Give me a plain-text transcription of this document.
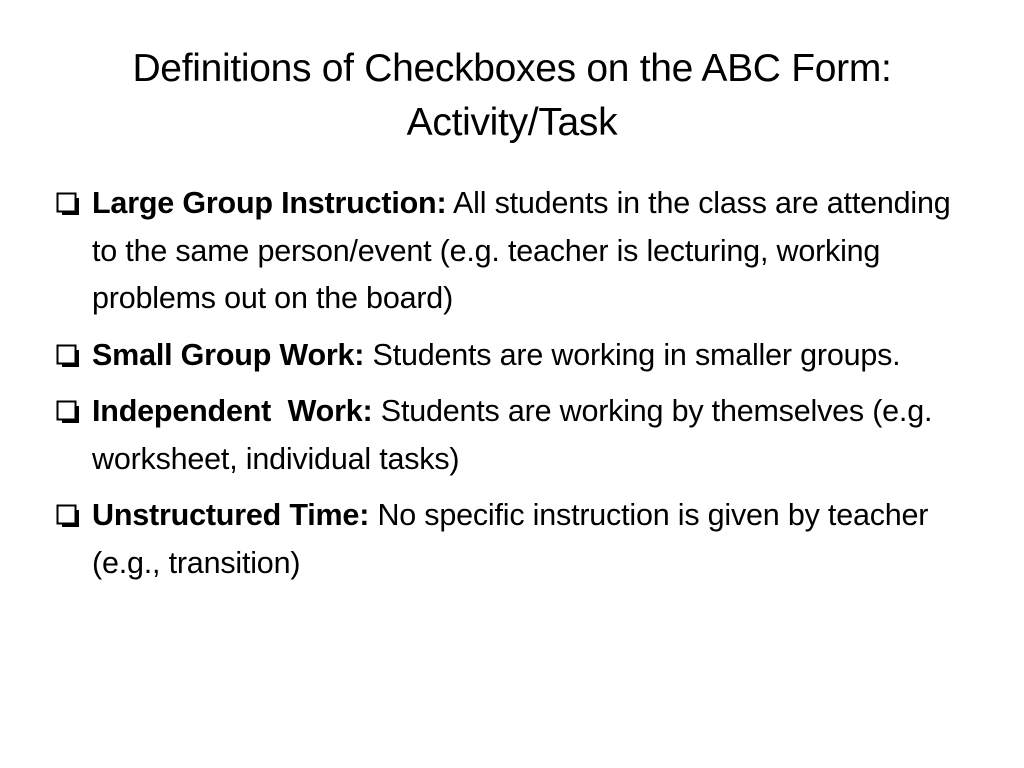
Definitions of Checkboxes on the ABC Form:
Activity/Task
Large Group Instruction: All students in the class are attending to the same person/event (e.g. teacher is lecturing, working problems out on the board)
Small Group Work: Students are working in smaller groups.
Independent  Work: Students are working by themselves (e.g. worksheet, individual tasks)
Unstructured Time: No specific instruction is given by teacher (e.g., transition)
